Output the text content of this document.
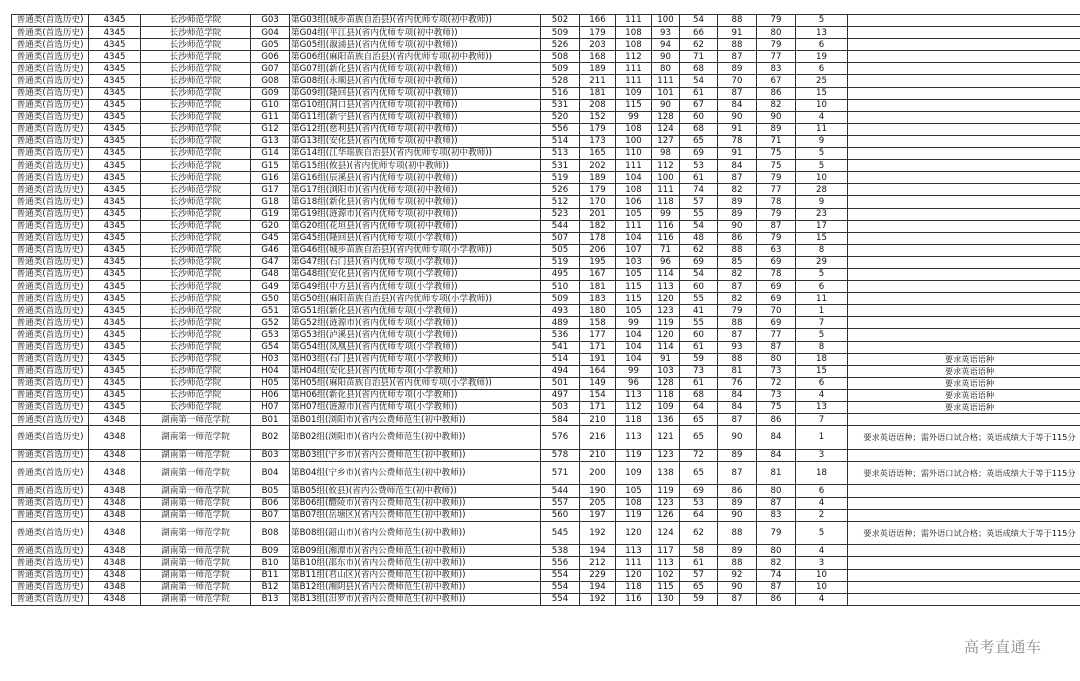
普通类(首选历史)	4345	长沙师范学院	G03	第G03组(城步苗族自治县)(省内优师专项(初中教师))	502	166	111	100	54	88	79	5	
普通类(首选历史)	4345	长沙师范学院	G04	第G04组(平江县)(省内优师专项(初中教师))	509	179	108	93	66	91	80	13	
普通类(首选历史)	4345	长沙师范学院	G05	第G05组(溆浦县)(省内优师专项(初中教师))	526	203	108	94	62	88	79	6	
普通类(首选历史)	4345	长沙师范学院	G06	第G06组(麻阳苗族自治县)(省内优师专项(初中教师))	508	168	112	90	71	87	77	19	
普通类(首选历史)	4345	长沙师范学院	G07	第G07组(新化县)(省内优师专项(初中教师))	509	189	111	80	68	89	83	6	
普通类(首选历史)	4345	长沙师范学院	G08	第G08组(永顺县)(省内优师专项(初中教师))	528	211	111	111	54	70	67	25	
普通类(首选历史)	4345	长沙师范学院	G09	第G09组(隆回县)(省内优师专项(初中教师))	516	181	109	101	61	87	86	15	
普通类(首选历史)	4345	长沙师范学院	G10	第G10组(洞口县)(省内优师专项(初中教师))	531	208	115	90	67	84	82	10	
普通类(首选历史)	4345	长沙师范学院	G11	第G11组(新宁县)(省内优师专项(初中教师))	520	152	99	128	60	90	90	4	
普通类(首选历史)	4345	长沙师范学院	G12	第G12组(慈利县)(省内优师专项(初中教师))	556	179	108	124	68	91	89	11	
普通类(首选历史)	4345	长沙师范学院	G13	第G13组(安化县)(省内优师专项(初中教师))	514	173	100	127	65	78	71	9	
普通类(首选历史)	4345	长沙师范学院	G14	第G14组(江华瑶族自治县)(省内优师专项(初中教师))	513	165	110	98	69	91	75	5	
普通类(首选历史)	4345	长沙师范学院	G15	第G15组(攸县)(省内优师专项(初中教师))	531	202	111	112	53	84	75	5	
普通类(首选历史)	4345	长沙师范学院	G16	第G16组(辰溪县)(省内优师专项(初中教师))	519	189	104	100	61	87	79	10	
普通类(首选历史)	4345	长沙师范学院	G17	第G17组(浏阳市)(省内优师专项(初中教师))	526	179	108	111	74	82	77	28	
普通类(首选历史)	4345	长沙师范学院	G18	第G18组(新化县)(省内优师专项(初中教师))	512	170	106	118	57	89	78	9	
普通类(首选历史)	4345	长沙师范学院	G19	第G19组(涟源市)(省内优师专项(初中教师))	523	201	105	99	55	89	79	23	
普通类(首选历史)	4345	长沙师范学院	G20	第G20组(花垣县)(省内优师专项(初中教师))	544	182	111	116	54	90	87	17	
普通类(首选历史)	4345	长沙师范学院	G45	第G45组(隆回县)(省内优师专项(小学教师))	507	178	104	116	48	86	79	15	
普通类(首选历史)	4345	长沙师范学院	G46	第G46组(城步苗族自治县)(省内优师专项(小学教师))	505	206	107	71	62	88	63	8	
普通类(首选历史)	4345	长沙师范学院	G47	第G47组(石门县)(省内优师专项(小学教师))	519	195	103	96	69	85	69	29	
普通类(首选历史)	4345	长沙师范学院	G48	第G48组(安化县)(省内优师专项(小学教师))	495	167	105	114	54	82	78	5	
普通类(首选历史)	4345	长沙师范学院	G49	第G49组(中方县)(省内优师专项(小学教师))	510	181	115	113	60	87	69	6	
普通类(首选历史)	4345	长沙师范学院	G50	第G50组(麻阳苗族自治县)(省内优师专项(小学教师))	509	183	115	120	55	82	69	11	
普通类(首选历史)	4345	长沙师范学院	G51	第G51组(新化县)(省内优师专项(小学教师))	493	180	105	123	41	79	70	1	
普通类(首选历史)	4345	长沙师范学院	G52	第G52组(涟源市)(省内优师专项(小学教师))	489	158	99	119	55	88	69	7	
普通类(首选历史)	4345	长沙师范学院	G53	第G53组(泸溪县)(省内优师专项(小学教师))	536	177	104	120	60	87	77	5	
普通类(首选历史)	4345	长沙师范学院	G54	第G54组(凤凰县)(省内优师专项(小学教师))	541	171	104	114	61	93	87	8	
普通类(首选历史)	4345	长沙师范学院	H03	第H03组(石门县)(省内优师专项(小学教师))	514	191	104	91	59	88	80	18	要求英语语种
普通类(首选历史)	4345	长沙师范学院	H04	第H04组(安化县)(省内优师专项(小学教师))	494	164	99	103	73	81	73	15	要求英语语种
普通类(首选历史)	4345	长沙师范学院	H05	第H05组(麻阳苗族自治县)(省内优师专项(小学教师))	501	149	96	128	61	76	72	6	要求英语语种
普通类(首选历史)	4345	长沙师范学院	H06	第H06组(新化县)(省内优师专项(小学教师))	497	154	113	118	68	84	73	4	要求英语语种
普通类(首选历史)	4345	长沙师范学院	H07	第H07组(涟源市)(省内优师专项(小学教师))	503	171	112	109	64	84	75	13	要求英语语种
普通类(首选历史)	4348	湖南第一师范学院	B01	第B01组(浏阳市)(省内公费师范生(初中教师))	584	210	118	136	65	87	86	7	
普通类(首选历史)	4348	湖南第一师范学院	B02	第B02组(浏阳市)(省内公费师范生(初中教师))	576	216	113	121	65	90	84	1	要求英语语种；需外语口试合格；英语成绩大于等于115分
普通类(首选历史)	4348	湖南第一师范学院	B03	第B03组(宁乡市)(省内公费师范生(初中教师))	578	210	119	123	72	89	84	3	
普通类(首选历史)	4348	湖南第一师范学院	B04	第B04组(宁乡市)(省内公费师范生(初中教师))	571	200	109	138	65	87	81	18	要求英语语种；需外语口试合格；英语成绩大于等于115分
普通类(首选历史)	4348	湖南第一师范学院	B05	第B05组(攸县)(省内公费师范生(初中教师))	544	190	105	119	69	86	80	6	
普通类(首选历史)	4348	湖南第一师范学院	B06	第B06组(醴陵市)(省内公费师范生(初中教师))	557	205	108	123	53	89	87	4	
普通类(首选历史)	4348	湖南第一师范学院	B07	第B07组(岳塘区)(省内公费师范生(初中教师))	560	197	119	126	64	90	83	2	
普通类(首选历史)	4348	湖南第一师范学院	B08	第B08组(韶山市)(省内公费师范生(初中教师))	545	192	120	124	62	88	79	5	要求英语语种；需外语口试合格；英语成绩大于等于115分
普通类(首选历史)	4348	湖南第一师范学院	B09	第B09组(湘潭市)(省内公费师范生(初中教师))	538	194	113	117	58	89	80	4	
普通类(首选历史)	4348	湖南第一师范学院	B10	第B10组(邵东市)(省内公费师范生(初中教师))	556	212	111	113	61	88	82	3	
普通类(首选历史)	4348	湖南第一师范学院	B11	第B11组(君山区)(省内公费师范生(初中教师))	554	229	120	102	57	92	74	10	
普通类(首选历史)	4348	湖南第一师范学院	B12	第B12组(湘阴县)(省内公费师范生(初中教师))	554	194	118	115	65	90	87	10	
普通类(首选历史)	4348	湖南第一师范学院	B13	第B13组(汨罗市)(省内公费师范生(初中教师))	554	192	116	130	59	87	86	4	
高考直通车
